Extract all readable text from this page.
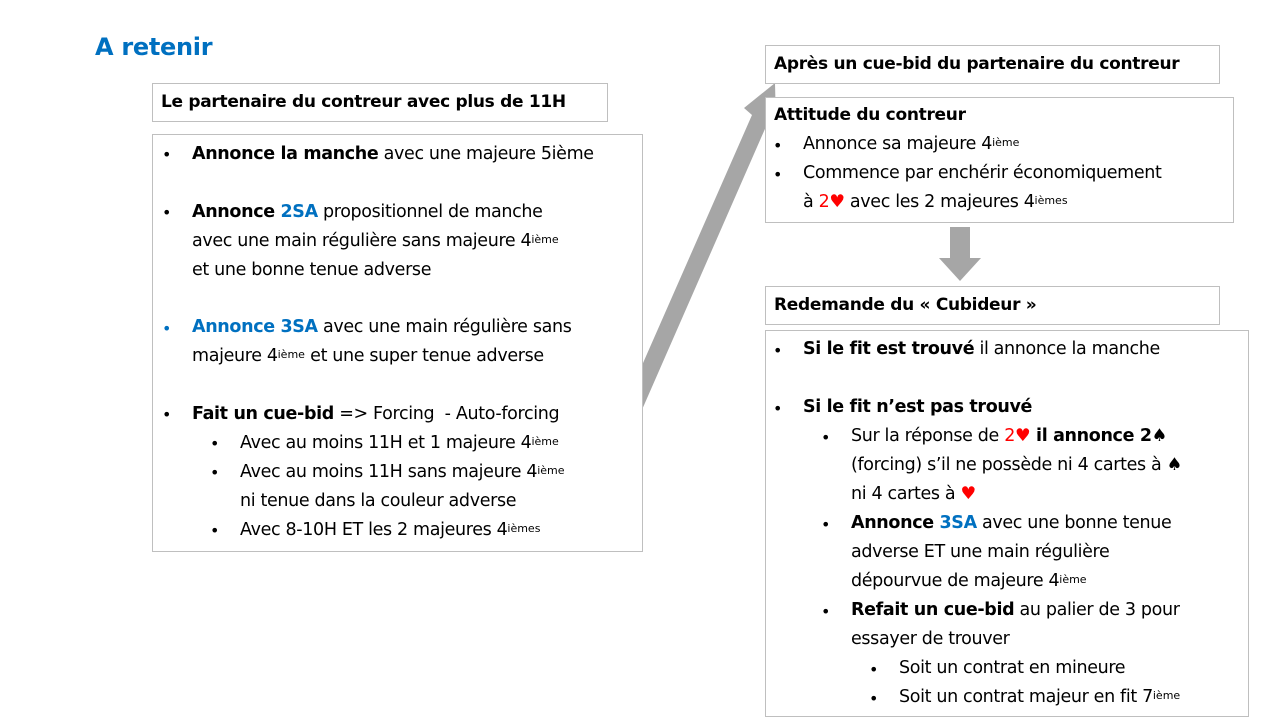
A retenir
Le partenaire du contreur avec plus de 11H
• Annonce la manche avec une majeure 5ième
• Annonce 2SA propositionnel de manche
avec une main régulière sans majeure 4ième
et une bonne tenue adverse
• Annonce 3SA avec une main régulière sans
majeure 4ième et une super tenue adverse
• Fait un cue-bid => Forcing  - Auto-forcing
• Avec au moins 11H et 1 majeure 4ième
• Avec au moins 11H sans majeure 4ième
ni tenue dans la couleur adverse
• Avec 8-10H ET les 2 majeures $4^{ièmes}$
Après un cue-bid du partenaire du contreur
Attitude du contreur
• Annonce sa majeure 4ième
• Commence par enchérir économiquement
à 2♥ avec les 2 majeures $4^{ièmes}$
Redemande du « Cubideur »
• Si le fit est trouvé il annonce la manche
• Si le fit n’est pas trouvé
• Sur la réponse de 2♥ il annonce 2♠
(forcing) s’il ne possède ni 4 cartes à ♠
ni 4 cartes à ♥
• Annonce 3SA avec une bonne tenue
adverse ET une main régulière
dépourvue de majeure 4ième
• Refait un cue-bid au palier de 3 pour
essayer de trouver
• Soit un contrat en mineure
• Soit un contrat majeur en fit 7ième
